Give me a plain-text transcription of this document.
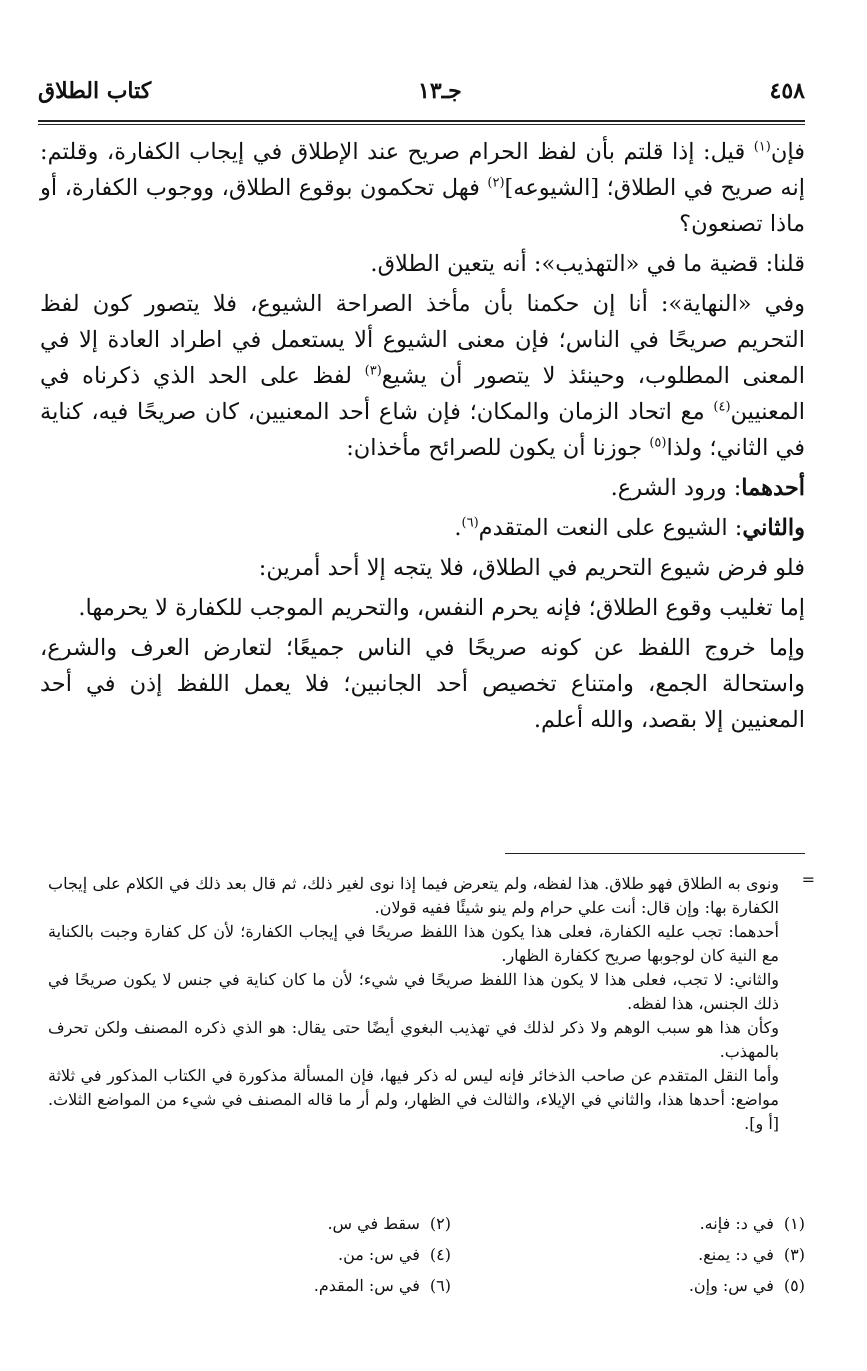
٤٥٨
جـ١٣
كتاب الطلاق

فإن$^{(١)}$ قيل: إذا قلتم بأن لفظ الحرام صريح عند الإطلاق في إيجاب الكفارة، وقلتم: إنه صريح في الطلاق؛ [الشيوعه]$^{(٢)}$ فهل تحكمون بوقوع الطلاق، ووجوب الكفارة، أو ماذا تصنعون؟

قلنا: قضية ما في «التهذيب»: أنه يتعين الطلاق.

وفي «النهاية»: أنا إن حكمنا بأن مأخذ الصراحة الشيوع، فلا يتصور كون لفظ التحريم صريحًا في الناس؛ فإن معنى الشيوع ألا يستعمل في اطراد العادة إلا في المعنى المطلوب، وحينئذ لا يتصور أن يشيع$^{(٣)}$ لفظ على الحد الذي ذكرناه في المعنيين$^{(٤)}$ مع اتحاد الزمان والمكان؛ فإن شاع أحد المعنيين، كان صريحًا فيه، كناية في الثاني؛ ولذا$^{(٥)}$ جوزنا أن يكون للصرائح مأخذان:

أحدهما: ورود الشرع.

والثاني: الشيوع على النعت المتقدم$^{(٦)}$.

فلو فرض شيوع التحريم في الطلاق، فلا يتجه إلا أحد أمرين:

إما تغليب وقوع الطلاق؛ فإنه يحرم النفس، والتحريم الموجب للكفارة لا يحرمها.

وإما خروج اللفظ عن كونه صريحًا في الناس جميعًا؛ لتعارض العرف والشرع، واستحالة الجمع، وامتناع تخصيص أحد الجانبين؛ فلا يعمل اللفظ إذن في أحد المعنيين إلا بقصد، والله أعلم.

=

ونوى به الطلاق فهو طلاق. هذا لفظه، ولم يتعرض فيما إذا نوى لغير ذلك، ثم قال بعد ذلك في الكلام على إيجاب الكفارة بها: وإن قال: أنت علي حرام ولم ينو شيئًا ففيه قولان.

أحدهما: تجب عليه الكفارة، فعلى هذا يكون هذا اللفظ صريحًا في إيجاب الكفارة؛ لأن كل كفارة وجبت بالكناية مع النية كان لوجوبها صريح ككفارة الظهار.

والثاني: لا تجب، فعلى هذا لا يكون هذا اللفظ صريحًا في شيء؛ لأن ما كان كناية في جنس لا يكون صريحًا في ذلك الجنس، هذا لفظه.

وكأن هذا هو سبب الوهم ولا ذكر لذلك في تهذيب البغوي أيضًا حتى يقال: هو الذي ذكره المصنف ولكن تحرف بالمهذب.

وأما النقل المتقدم عن صاحب الذخائر فإنه ليس له ذكر فيها، فإن المسألة مذكورة في الكتاب المذكور في ثلاثة مواضع: أحدها هذا، والثاني في الإيلاء، والثالث في الظهار، ولم أر ما قاله المصنف في شيء من المواضع الثلاث. [أ و].

(١)في د: فإنه.
(٢)سقط في س.
(٣)في د: يمنع.
(٤)في س: من.
(٥)في س: وإن.
(٦)في س: المقدم.
